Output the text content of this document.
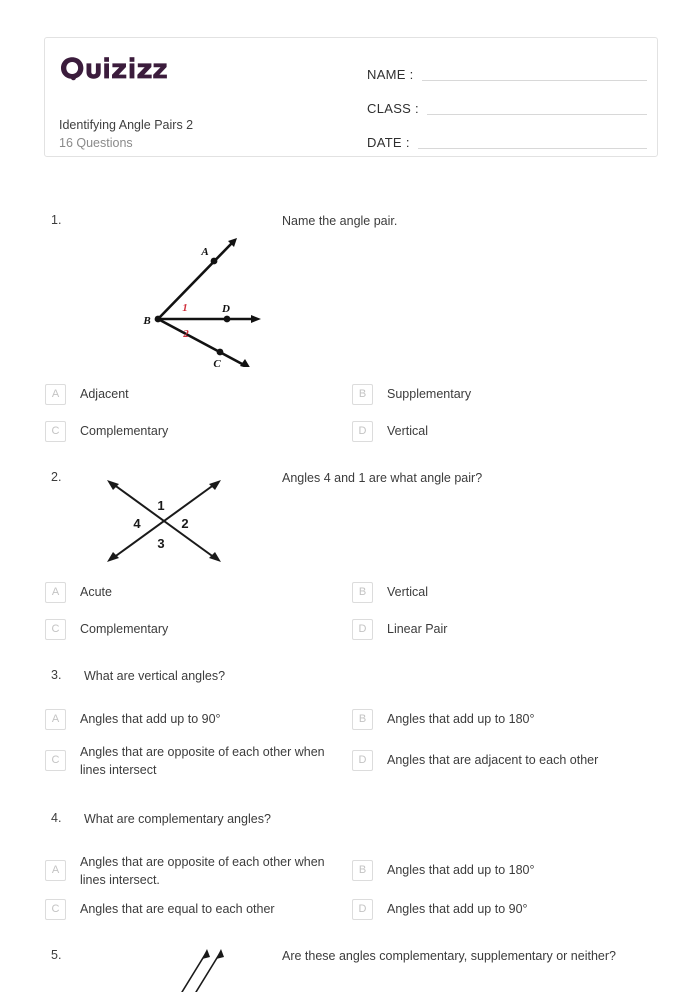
Identifying Angle Pairs 2
16 Questions
NAME :
CLASS :
DATE :
1.	Name the angle pair.
A
B
C
D
1
2
A	Adjacent	B	Supplementary
C	Complementary	D	Vertical
2.	Angles 4 and 1 are what angle pair?
1
2
3
4
A	Acute	B	Vertical
C	Complementary	D	Linear Pair
3.	What are vertical angles?
A	Angles that add up to 90°	B	Angles that add up to 180°
C
Angles that are opposite of each other when lines intersect
D	Angles that are adjacent to each other
4.	What are complementary angles?
A
Angles that are opposite of each other when lines intersect.
B	Angles that add up to 180°
C	Angles that are equal to each other	D	Angles that add up to 90°
5.	Are these angles complementary, supplementary or neither?
